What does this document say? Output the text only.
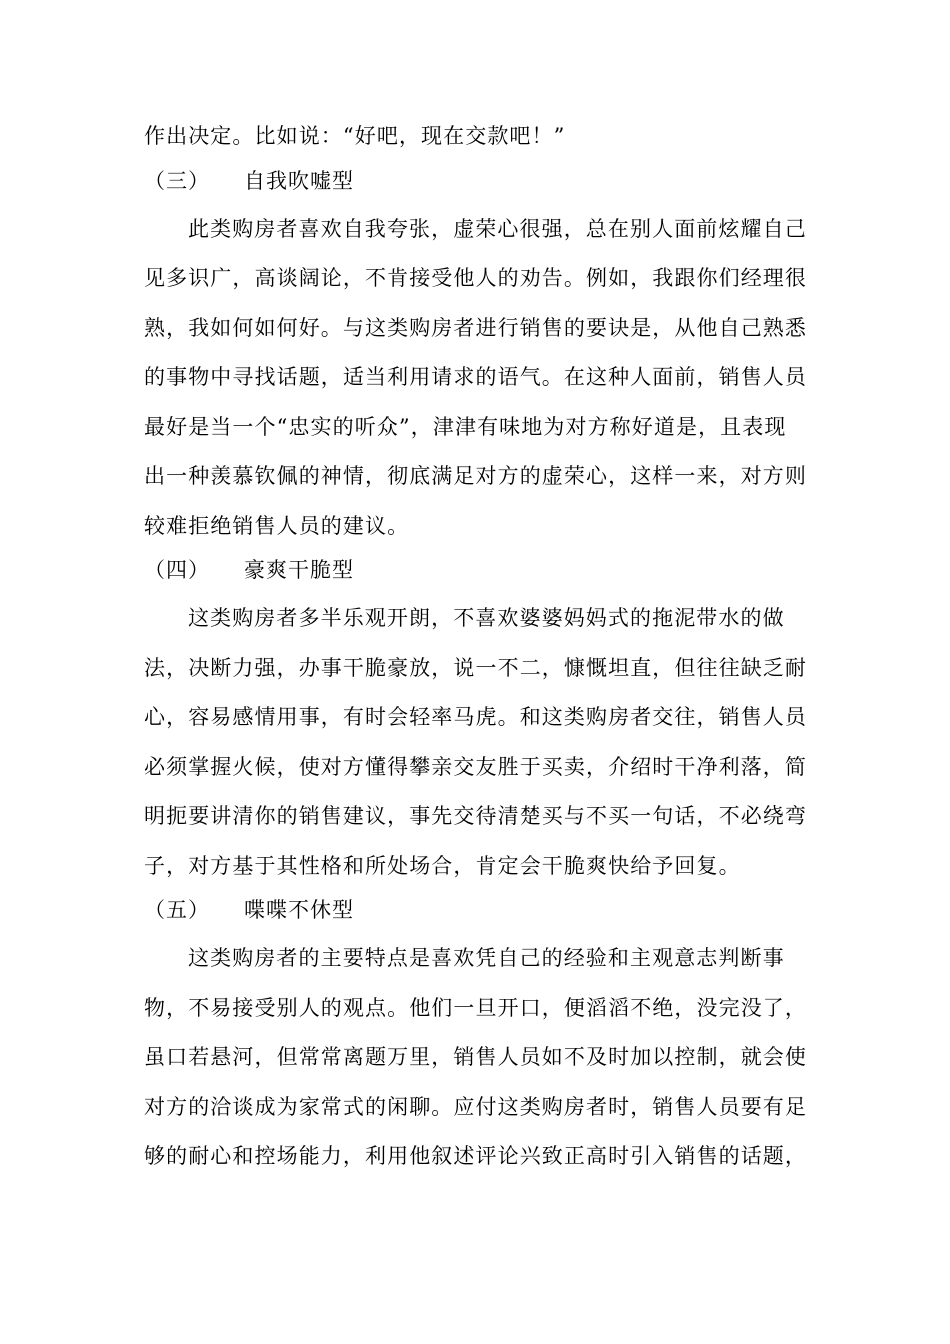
作出决定。比如说：“好吧，现在交款吧！”
（三）	自我吹嘘型
此类购房者喜欢自我夸张，虚荣心很强，总在别人面前炫耀自己
见多识广，高谈阔论，不肯接受他人的劝告。例如，我跟你们经理很
熟，我如何如何好。与这类购房者进行销售的要诀是，从他自己熟悉
的事物中寻找话题，适当利用请求的语气。在这种人面前，销售人员
最好是当一个“忠实的听众”，津津有味地为对方称好道是，且表现
出一种羡慕钦佩的神情，彻底满足对方的虚荣心，这样一来，对方则
较难拒绝销售人员的建议。
（四）	豪爽干脆型
这类购房者多半乐观开朗，不喜欢婆婆妈妈式的拖泥带水的做
法，决断力强，办事干脆豪放，说一不二，慷慨坦直，但往往缺乏耐
心，容易感情用事，有时会轻率马虎。和这类购房者交往，销售人员
必须掌握火候，使对方懂得攀亲交友胜于买卖，介绍时干净利落，简
明扼要讲清你的销售建议，事先交待清楚买与不买一句话，不必绕弯
子，对方基于其性格和所处场合，肯定会干脆爽快给予回复。
（五）	喋喋不休型
这类购房者的主要特点是喜欢凭自己的经验和主观意志判断事
物，不易接受别人的观点。他们一旦开口，便滔滔不绝，没完没了，
虽口若悬河，但常常离题万里，销售人员如不及时加以控制，就会使
对方的洽谈成为家常式的闲聊。应付这类购房者时，销售人员要有足
够的耐心和控场能力，利用他叙述评论兴致正高时引入销售的话题，
